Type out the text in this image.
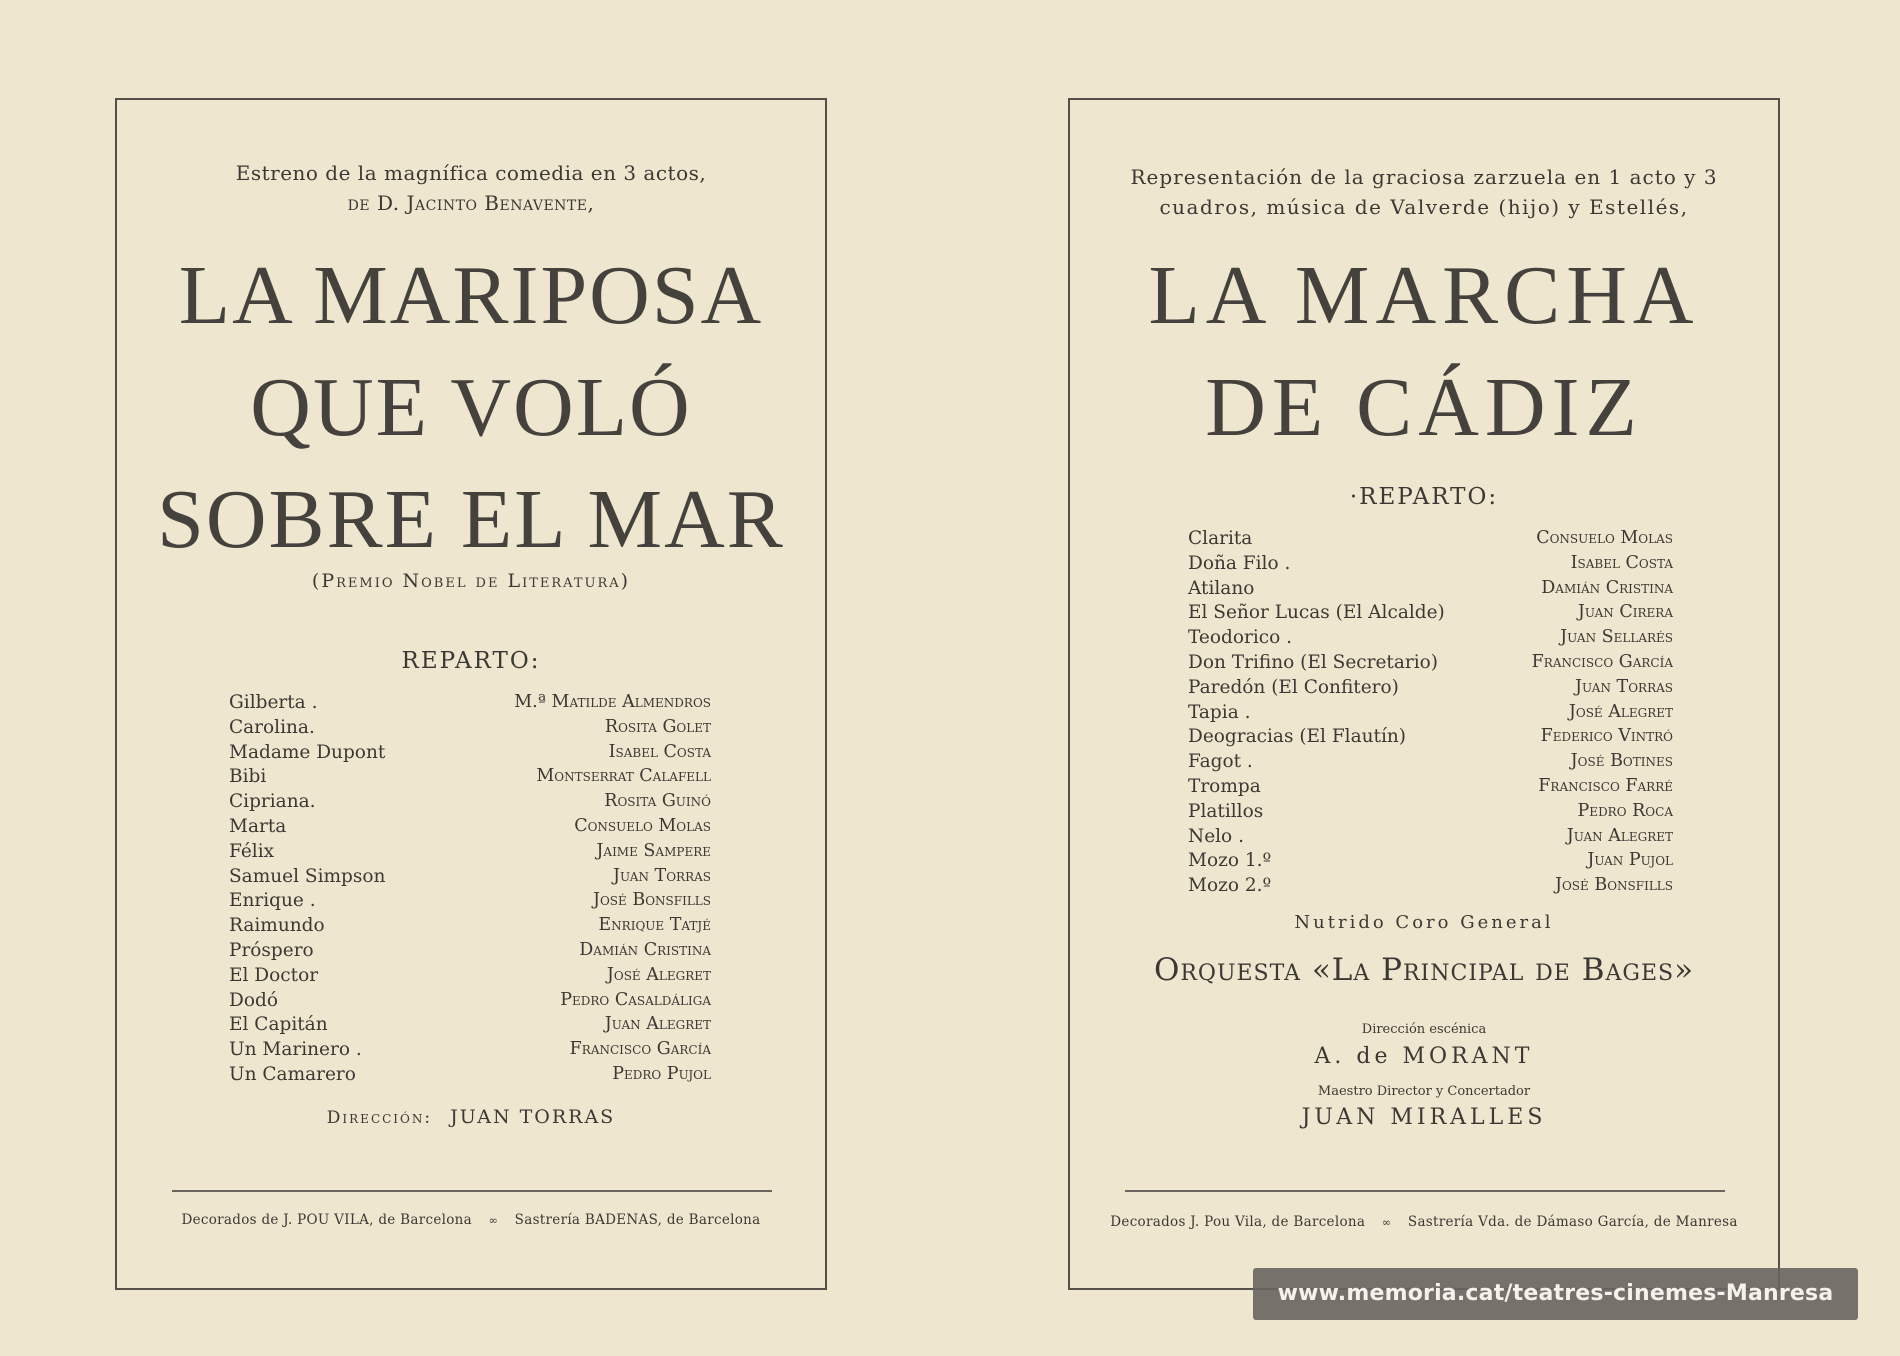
Estreno de la magnífica comedia en 3 actos,
de D. Jacinto Benavente,
LA MARIPOSA
QUE VOLÓ
SOBRE EL MAR
(Premio Nobel de Literatura)
REPARTO:
Gilberta .	M.ª Matilde Almendros
Carolina.	Rosita Golet
Madame Dupont	Isabel Costa
Bibi	Montserrat Calafell
Cipriana.	Rosita Guinó
Marta	Consuelo Molas
Félix	Jaime Sampere
Samuel Simpson	Juan Torras
Enrique .	José Bonsfills
Raimundo	Enrique Tatjé
Próspero	Damián Cristina
El Doctor	José Alegret
Dodó	Pedro Casaldáliga
El Capitán	Juan Alegret
Un Marinero .	Francisco García
Un Camarero	Pedro Pujol
Dirección: JUAN TORRAS
Decorados de J. POU VILA, de Barcelona ∞ Sastrería BADENAS, de Barcelona
Representación de la graciosa zarzuela en 1 acto y 3
cuadros, música de Valverde (hijo) y Estellés,
LA MARCHA
DE CÁDIZ
·REPARTO:
Clarita	Consuelo Molas
Doña Filo .	Isabel Costa
Atilano	Damián Cristina
El Señor Lucas (El Alcalde)	Juan Cirera
Teodorico .	Juan Sellarés
Don Trifino (El Secretario)	Francisco García
Paredón (El Confitero)	Juan Torras
Tapia .	José Alegret
Deogracias (El Flautín)	Federico Vintró
Fagot .	José Botines
Trompa	Francisco Farré
Platillos	Pedro Roca
Nelo .	Juan Alegret
Mozo 1.º	Juan Pujol
Mozo 2.º	José Bonsfills
Nutrido Coro General
Orquesta «La Principal de Bages»
Dirección escénica
A. de MORANT
Maestro Director y Concertador
JUAN MIRALLES
Decorados J. Pou Vila, de Barcelona ∞ Sastrería Vda. de Dámaso García, de Manresa
www.memoria.cat/teatres-cinemes-Manresa
